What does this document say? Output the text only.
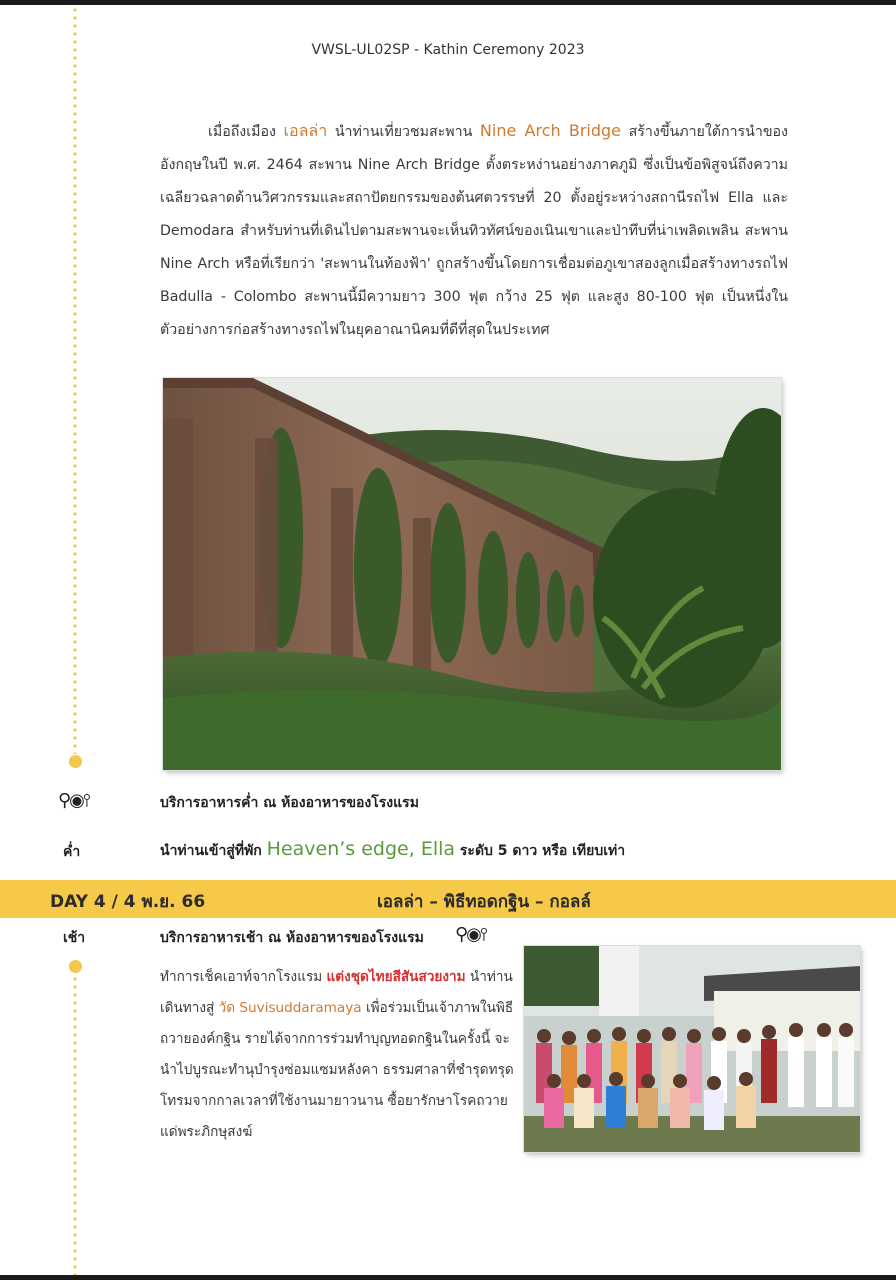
VWSL-UL02SP - Kathin Ceremony 2023
เมื่อถึงเมือง เอลล่า นำท่านเที่ยวชมสะพาน Nine Arch Bridge สร้างขึ้นภายใต้การนำของอังกฤษในปี พ.ศ. 2464 สะพาน Nine Arch Bridge ตั้งตระหง่านอย่างภาคภูมิ ซึ่งเป็นข้อพิสูจน์ถึงความเฉลียวฉลาดด้านวิศวกรรมและสถาปัตยกรรมของต้นศตวรรษที่ 20 ตั้งอยู่ระหว่างสถานีรถไฟ Ella และ Demodara สำหรับท่านที่เดินไปตามสะพานจะเห็นทิวทัศน์ของเนินเขาและป่าทึบที่น่าเพลิดเพลิน สะพาน Nine Arch หรือที่เรียกว่า 'สะพานในท้องฟ้า' ถูกสร้างขึ้นโดยการเชื่อมต่อภูเขาสองลูกเมื่อสร้างทางรถไฟ Badulla - Colombo สะพานนี้มีความยาว 300 ฟุต กว้าง 25 ฟุต และสูง 80-100 ฟุต เป็นหนึ่งในตัวอย่างการก่อสร้างทางรถไฟในยุคอาณานิคมที่ดีที่สุดในประเทศ
⚲◉⫯	บริการอาหารค่ำ ณ ห้องอาหารของโรงแรม
ค่ำ	นำท่านเข้าสู่ที่พัก Heaven’s edge, Ella ระดับ 5 ดาว หรือ เทียบเท่า
DAY 4 / 4 พ.ย. 66	เอลล่า – พิธีทอดกฐิน – กอลล์
เช้า	บริการอาหารเช้า ณ ห้องอาหารของโรงแรม ⚲◉⫯
ทำการเช็คเอาท์จากโรงแรม แต่งชุดไทยสีสันสวยงาม นำท่านเดินทางสู่ วัด Suvisuddaramaya เพื่อร่วมเป็นเจ้าภาพในพิธีถวายองค์กฐิน รายได้จากการร่วมทำบุญทอดกฐินในครั้งนี้ จะนำไปบูรณะทำนุบำรุงซ่อมแซมหลังคา ธรรมศาลาที่ชำรุดทรุดโทรมจากกาลเวลาที่ใช้งานมายาวนาน ซื้อยารักษาโรคถวายแด่พระภิกษุสงฆ์
